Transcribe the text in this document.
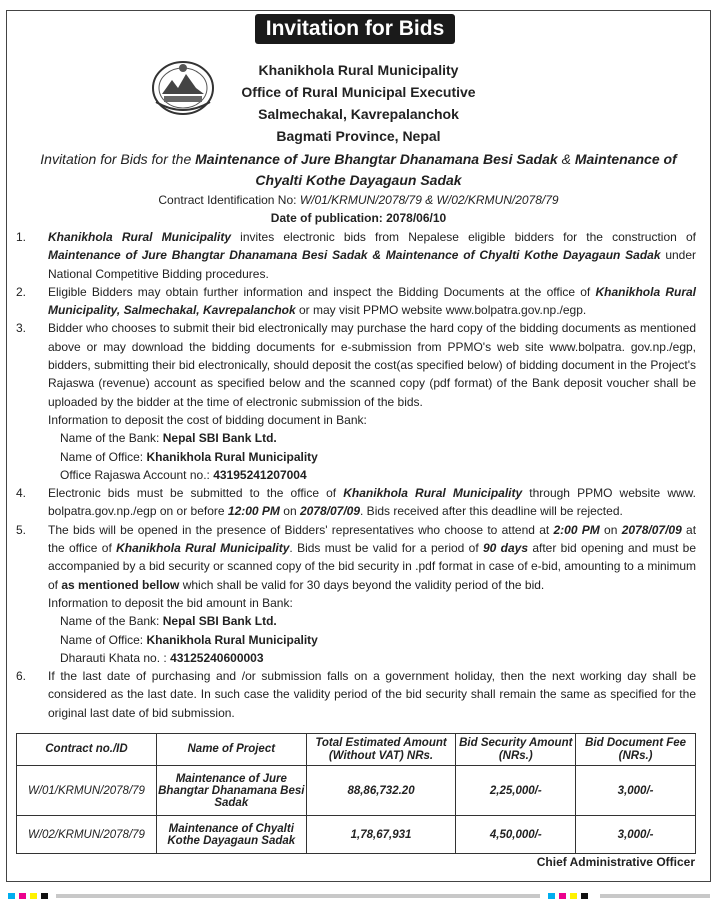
Invitation for Bids
Khanikhola Rural Municipality
Office of Rural Municipal Executive
Salmechakal, Kavrepalanchok
Bagmati Province, Nepal
Invitation for Bids for the Maintenance of Jure Bhangtar Dhanamana Besi Sadak & Maintenance of Chyalti Kothe Dayagaun Sadak
Contract Identification No: W/01/KRMUN/2078/79 & W/02/KRMUN/2078/79
Date of publication: 2078/06/10
1.	Khanikhola Rural Municipality invites electronic bids from Nepalese eligible bidders for the construction of Maintenance of Jure Bhangtar Dhanamana Besi Sadak & Maintenance of Chyalti Kothe Dayagaun Sadak under National Competitive Bidding procedures.
2.	Eligible Bidders may obtain further information and inspect the Bidding Documents at the office of Khanikhola Rural Municipality, Salmechakal, Kavrepalanchok or may visit PPMO website www.bolpatra.gov.np./egp.
3.	Bidder who chooses to submit their bid electronically may purchase the hard copy of the bidding documents as mentioned above or may download the bidding documents for e-submission from PPMO's web site www.bolpatra. gov.np./egp, bidders, submitting their bid electronically, should deposit the cost(as specified below) of bidding document in the Project's Rajaswa (revenue) account as specified below and the scanned copy (pdf format) of the Bank deposit voucher shall be uploaded by the bidder at the time of electronic submission of the bids.
Information to deposit the cost of bidding document in Bank:
Name of the Bank: Nepal SBI Bank Ltd.
Name of Office: Khanikhola Rural Municipality
Office Rajaswa Account no.: 43195241207004
4.	Electronic bids must be submitted to the office of Khanikhola Rural Municipality through PPMO website www. bolpatra.gov.np./egp on or before 12:00 PM on 2078/07/09. Bids received after this deadline will be rejected.
5.	The bids will be opened in the presence of Bidders' representatives who choose to attend at 2:00 PM on 2078/07/09 at the office of Khanikhola Rural Municipality. Bids must be valid for a period of 90 days after bid opening and must be accompanied by a bid security or scanned copy of the bid security in .pdf format in case of e-bid, amounting to a minimum of as mentioned bellow which shall be valid for 30 days beyond the validity period of the bid.
Information to deposit the bid amount in Bank:
Name of the Bank: Nepal SBI Bank Ltd.
Name of Office: Khanikhola Rural Municipality
Dharauti Khata no. : 43125240600003
6.	If the last date of purchasing and /or submission falls on a government holiday, then the next working day shall be considered as the last date. In such case the validity period of the bid security shall remain the same as specified for the original last date of bid submission.
Contract no./ID	Name of Project	Total Estimated Amount (Without VAT) NRs.	Bid Security Amount (NRs.)	Bid Document Fee (NRs.)
W/01/KRMUN/2078/79	Maintenance of Jure Bhangtar Dhanamana Besi Sadak	88,86,732.20	2,25,000/-	3,000/-
W/02/KRMUN/2078/79	Maintenance of Chyalti Kothe Dayagaun Sadak	1,78,67,931	4,50,000/-	3,000/-
Chief Administrative Officer
